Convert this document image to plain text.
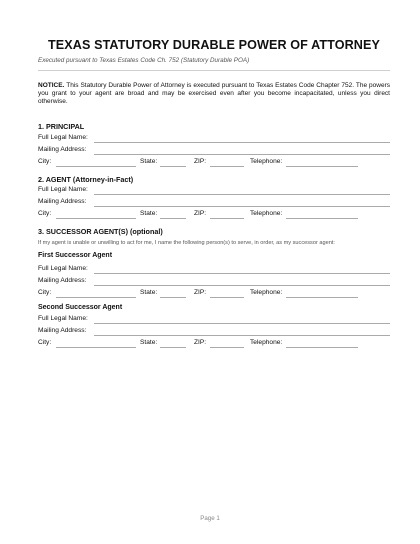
TEXAS STATUTORY DURABLE POWER OF ATTORNEY
Executed pursuant to Texas Estates Code Ch. 752 (Statutory Durable POA)
NOTICE. This Statutory Durable Power of Attorney is executed pursuant to Texas Estates Code Chapter 752. The powers you grant to your agent are broad and may be exercised even after you become incapacitated, unless you direct otherwise.
1. PRINCIPAL
Full Legal Name:
Mailing Address:
City:	State:	ZIP:	Telephone:
2. AGENT (Attorney-in-Fact)
Full Legal Name:
Mailing Address:
City:	State:	ZIP:	Telephone:
3. SUCCESSOR AGENT(S) (optional)
If my agent is unable or unwilling to act for me, I name the following person(s) to serve, in order, as my successor agent:
First Successor Agent
Full Legal Name:
Mailing Address:
City:	State:	ZIP:	Telephone:
Second Successor Agent
Full Legal Name:
Mailing Address:
City:	State:	ZIP:	Telephone:
Page 1
